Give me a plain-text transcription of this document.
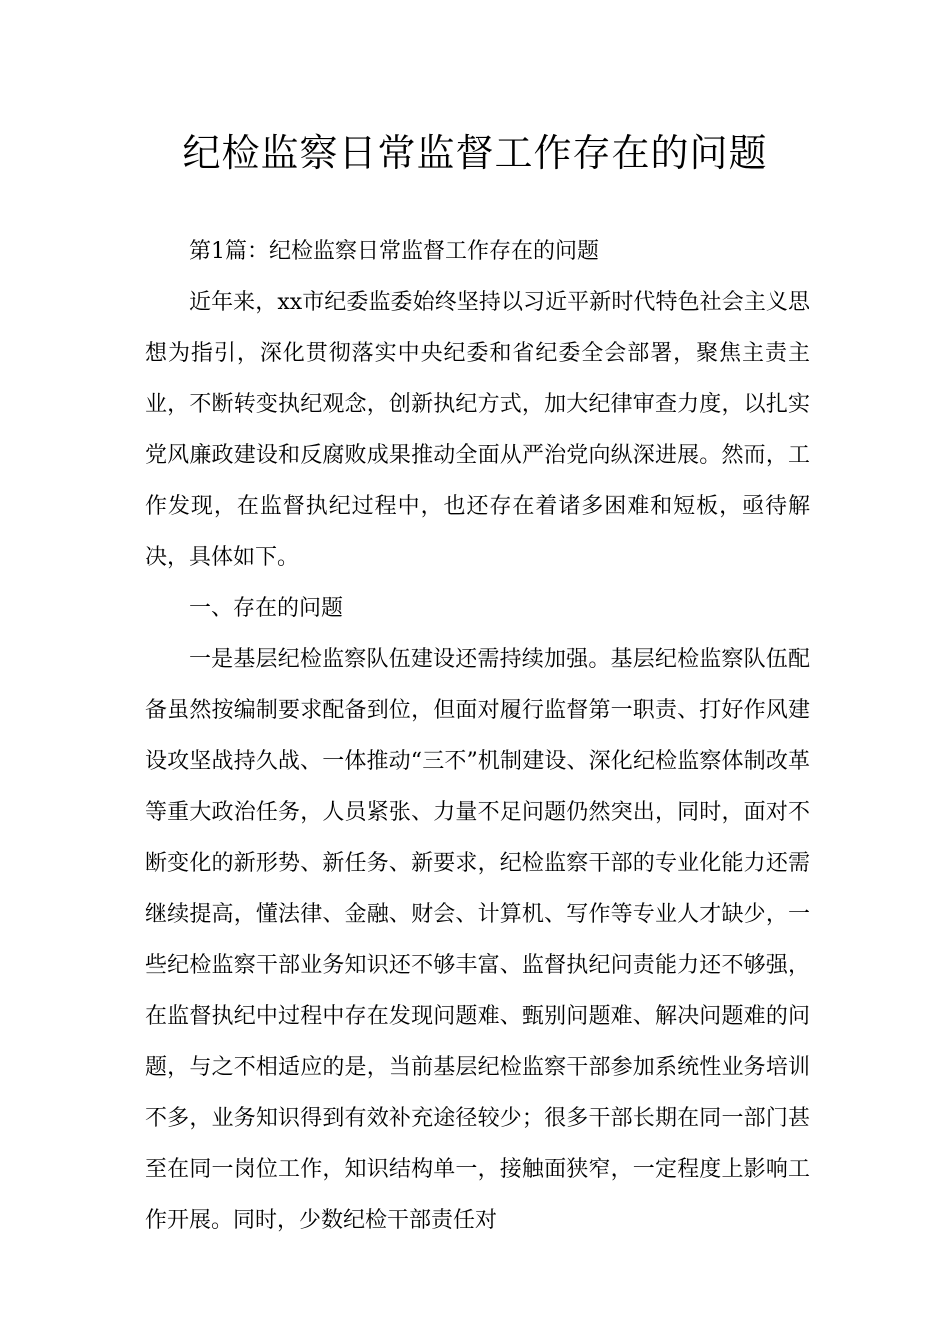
纪检监察日常监督工作存在的问题

第1篇：纪检监察日常监督工作存在的问题

近年来，xx市纪委监委始终坚持以习近平新时代特色社会主义思想为指引，深化贯彻落实中央纪委和省纪委全会部署，聚焦主责主业，不断转变执纪观念，创新执纪方式，加大纪律审查力度，以扎实党风廉政建设和反腐败成果推动全面从严治党向纵深进展。然而，工作发现，在监督执纪过程中，也还存在着诸多困难和短板，亟待解决，具体如下。

一、存在的问题

一是基层纪检监察队伍建设还需持续加强。基层纪检监察队伍配备虽然按编制要求配备到位，但面对履行监督第一职责、打好作风建设攻坚战持久战、一体推动“三不”机制建设、深化纪检监察体制改革等重大政治任务，人员紧张、力量不足问题仍然突出，同时，面对不断变化的新形势、新任务、新要求，纪检监察干部的专业化能力还需继续提高，懂法律、金融、财会、计算机、写作等专业人才缺少，一些纪检监察干部业务知识还不够丰富、监督执纪问责能力还不够强，在监督执纪中过程中存在发现问题难、甄别问题难、解决问题难的问题，与之不相适应的是，当前基层纪检监察干部参加系统性业务培训不多，业务知识得到有效补充途径较少；很多干部长期在同一部门甚至在同一岗位工作，知识结构单一，接触面狭窄，一定程度上影响工作开展。同时，少数纪检干部责任对
